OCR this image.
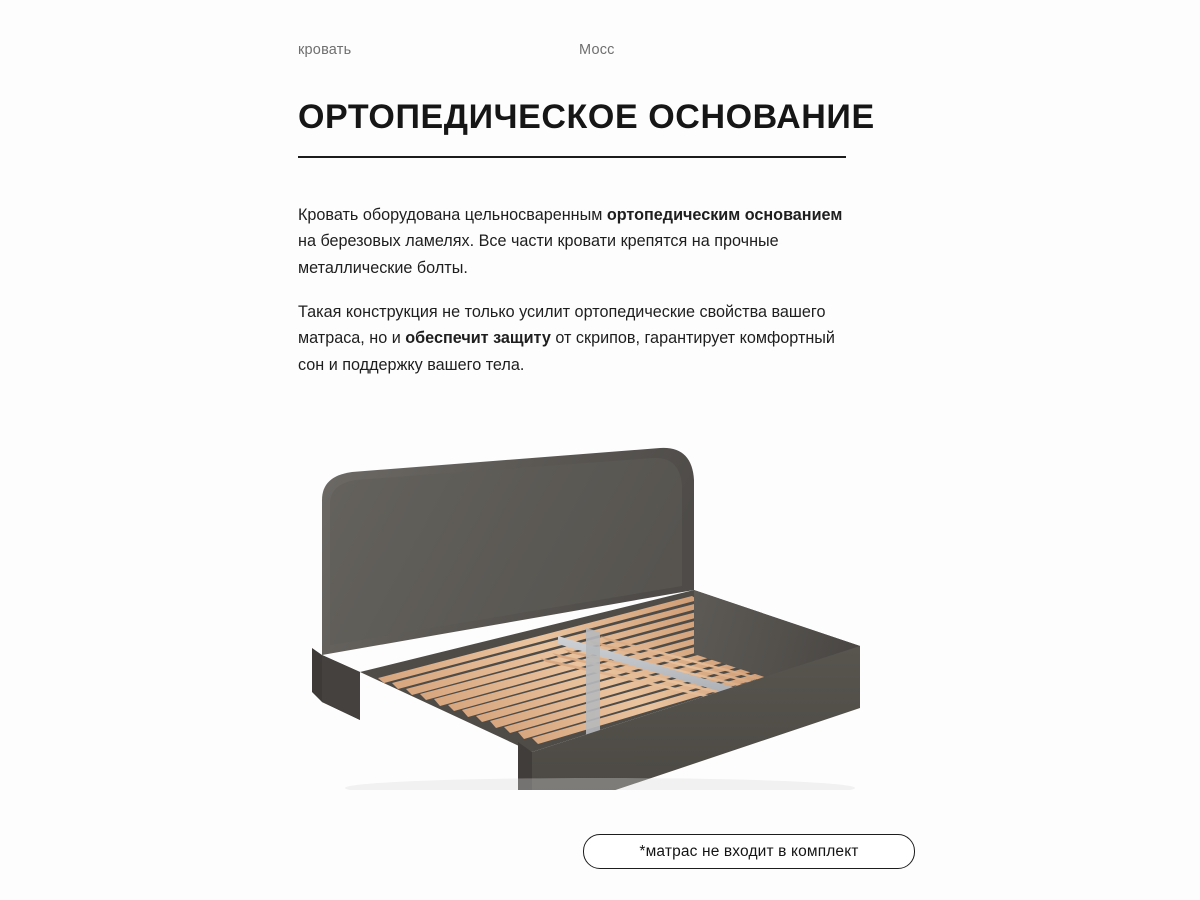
кровать	Мосс
ОРТОПЕДИЧЕСКОЕ ОСНОВАНИЕ

Кровать оборудована цельносваренным ортопедическим основанием на березовых ламелях. Все части кровати крепятся на прочные металлические болты.

Такая конструкция не только усилит ортопедические свойства вашего матраса, но и обеспечит защиту от скрипов, гарантирует комфортный сон и поддержку вашего тела.

*матрас не входит в комплект
